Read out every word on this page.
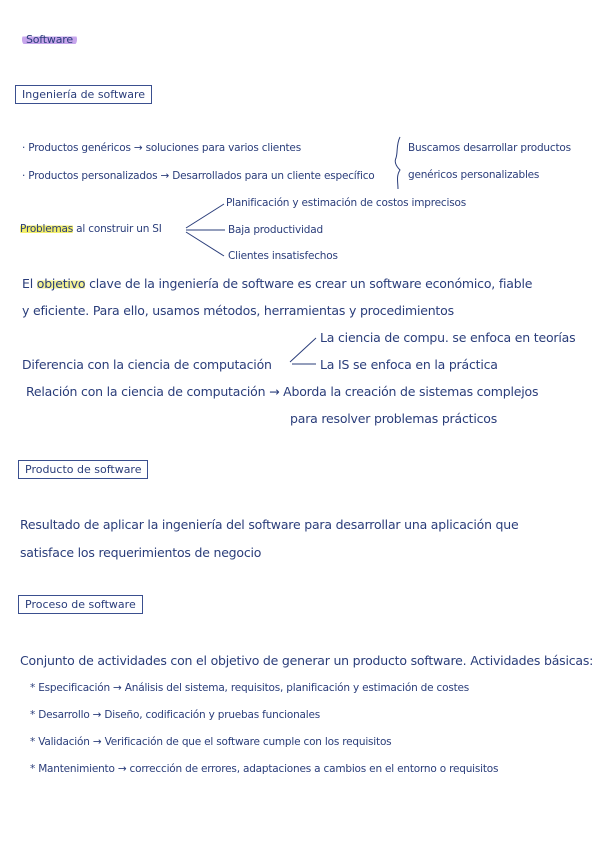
Software
Ingeniería de software
· Productos genéricos → soluciones para varios clientes
· Productos personalizados → Desarrollados para un cliente específico
Buscamos desarrollar productos
genéricos personalizables
Problemas al construir un SI
Planificación y estimación de costos imprecisos
Baja productividad
Clientes insatisfechos
El objetivo clave de la ingeniería de software es crear un software económico, fiable
y eficiente. Para ello, usamos métodos, herramientas y procedimientos
La ciencia de compu. se enfoca en teorías
Diferencia con la ciencia de computación	La IS se enfoca en la práctica
Relación con la ciencia de computación → Aborda la creación de sistemas complejos
para resolver problemas prácticos
Producto de software
Resultado de aplicar la ingeniería del software para desarrollar una aplicación que
satisface los requerimientos de negocio
Proceso de software
Conjunto de actividades con el objetivo de generar un producto software. Actividades básicas:
* Especificación → Análisis del sistema, requisitos, planificación y estimación de costes
* Desarrollo → Diseño, codificación y pruebas funcionales
* Validación → Verificación de que el software cumple con los requisitos
* Mantenimiento → corrección de errores, adaptaciones a cambios en el entorno o requisitos
